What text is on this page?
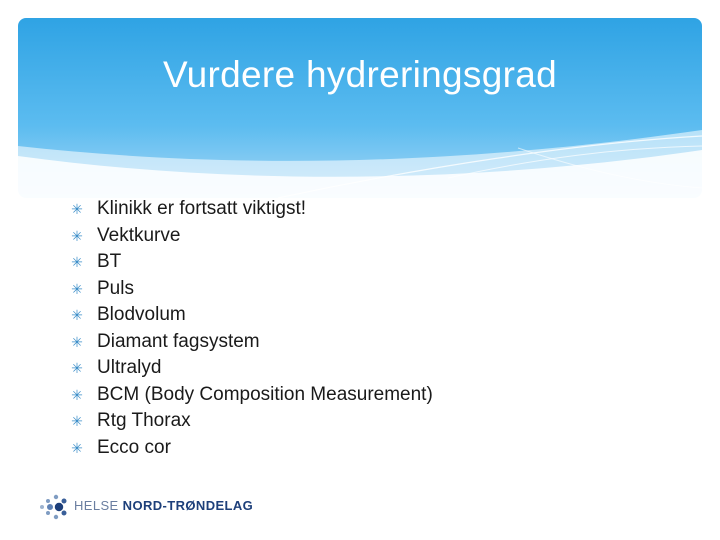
Vurdere hydreringsgrad
✳ Klinikk er fortsatt viktigst!
✳ Vektkurve
✳ BT
✳ Puls
✳ Blodvolum
✳ Diamant fagsystem
✳ Ultralyd
✳ BCM (Body Composition Measurement)
✳ Rtg Thorax
✳ Ecco cor
HELSE NORD-TRØNDELAG
